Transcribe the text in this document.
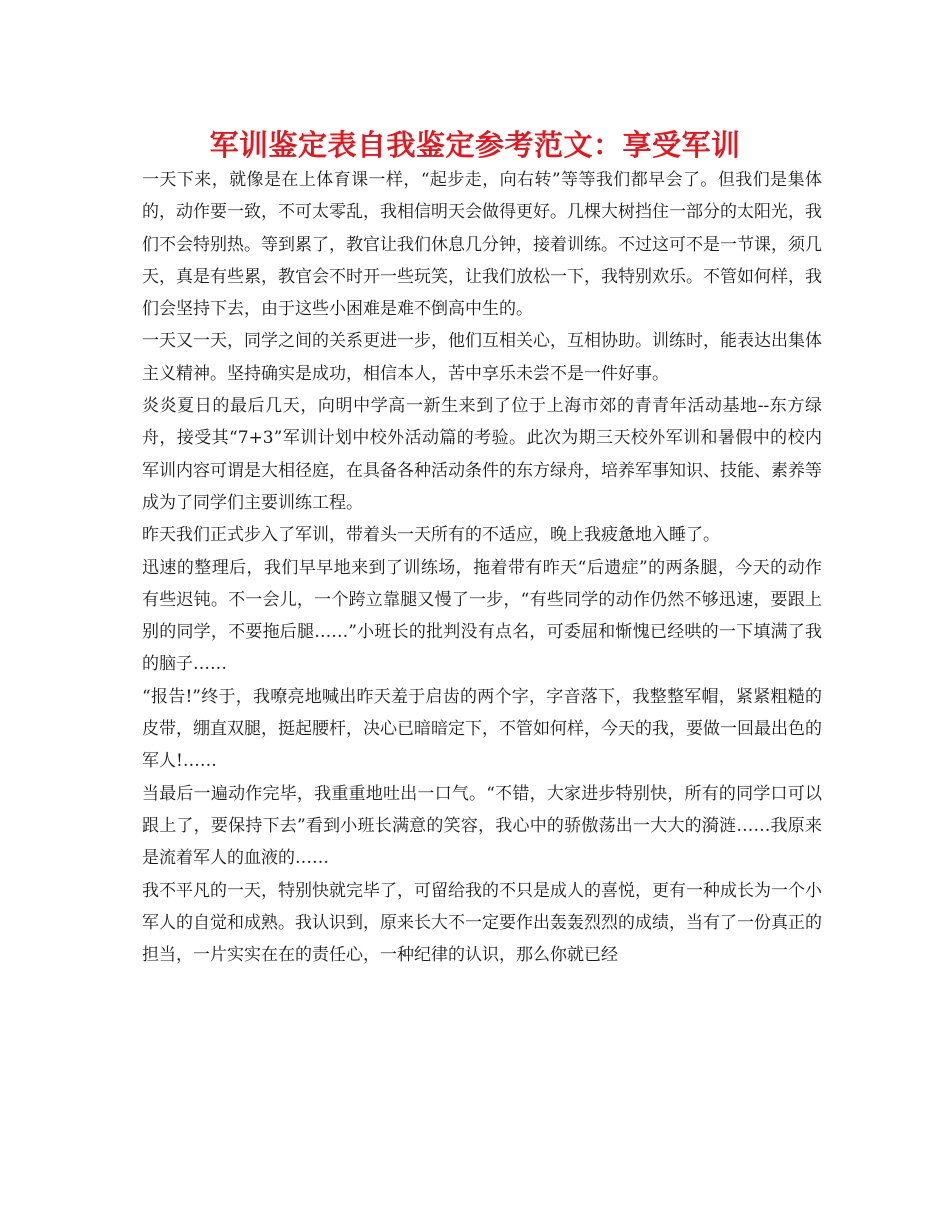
军训鉴定表自我鉴定参考范文：享受军训

一天下来，就像是在上体育课一样，“起步走，向右转”等等我们都早会了。但我们是集体的，动作要一致，不可太零乱，我相信明天会做得更好。几棵大树挡住一部分的太阳光，我们不会特别热。等到累了，教官让我们休息几分钟，接着训练。不过这可不是一节课，须几天，真是有些累，教官会不时开一些玩笑，让我们放松一下，我特别欢乐。不管如何样，我们会坚持下去，由于这些小困难是难不倒高中生的。

一天又一天，同学之间的关系更进一步，他们互相关心，互相协助。训练时，能表达出集体主义精神。坚持确实是成功，相信本人，苦中享乐未尝不是一件好事。

炎炎夏日的最后几天，向明中学高一新生来到了位于上海市郊的青青年活动基地--东方绿舟，接受其“7+3”军训计划中校外活动篇的考验。此次为期三天校外军训和暑假中的校内军训内容可谓是大相径庭，在具备各种活动条件的东方绿舟，培养军事知识、技能、素养等成为了同学们主要训练工程。

昨天我们正式步入了军训，带着头一天所有的不适应，晚上我疲惫地入睡了。

迅速的整理后，我们早早地来到了训练场，拖着带有昨天“后遗症”的两条腿，今天的动作有些迟钝。不一会儿，一个跨立靠腿又慢了一步，“有些同学的动作仍然不够迅速，要跟上别的同学，不要拖后腿……”小班长的批判没有点名，可委屈和惭愧已经哄的一下填满了我的脑子……

“报告!”终于，我嘹亮地喊出昨天羞于启齿的两个字，字音落下，我整整军帽，紧紧粗糙的皮带，绷直双腿，挺起腰杆，决心已暗暗定下，不管如何样，今天的我，要做一回最出色的军人!……

当最后一遍动作完毕，我重重地吐出一口气。“不错，大家进步特别快，所有的同学口可以跟上了，要保持下去”看到小班长满意的笑容，我心中的骄傲荡出一大大的漪涟……我原来是流着军人的血液的……

我不平凡的一天，特别快就完毕了，可留给我的不只是成人的喜悦，更有一种成长为一个小军人的自觉和成熟。我认识到，原来长大不一定要作出轰轰烈烈的成绩，当有了一份真正的担当，一片实实在在的责任心，一种纪律的认识，那么你就已经
